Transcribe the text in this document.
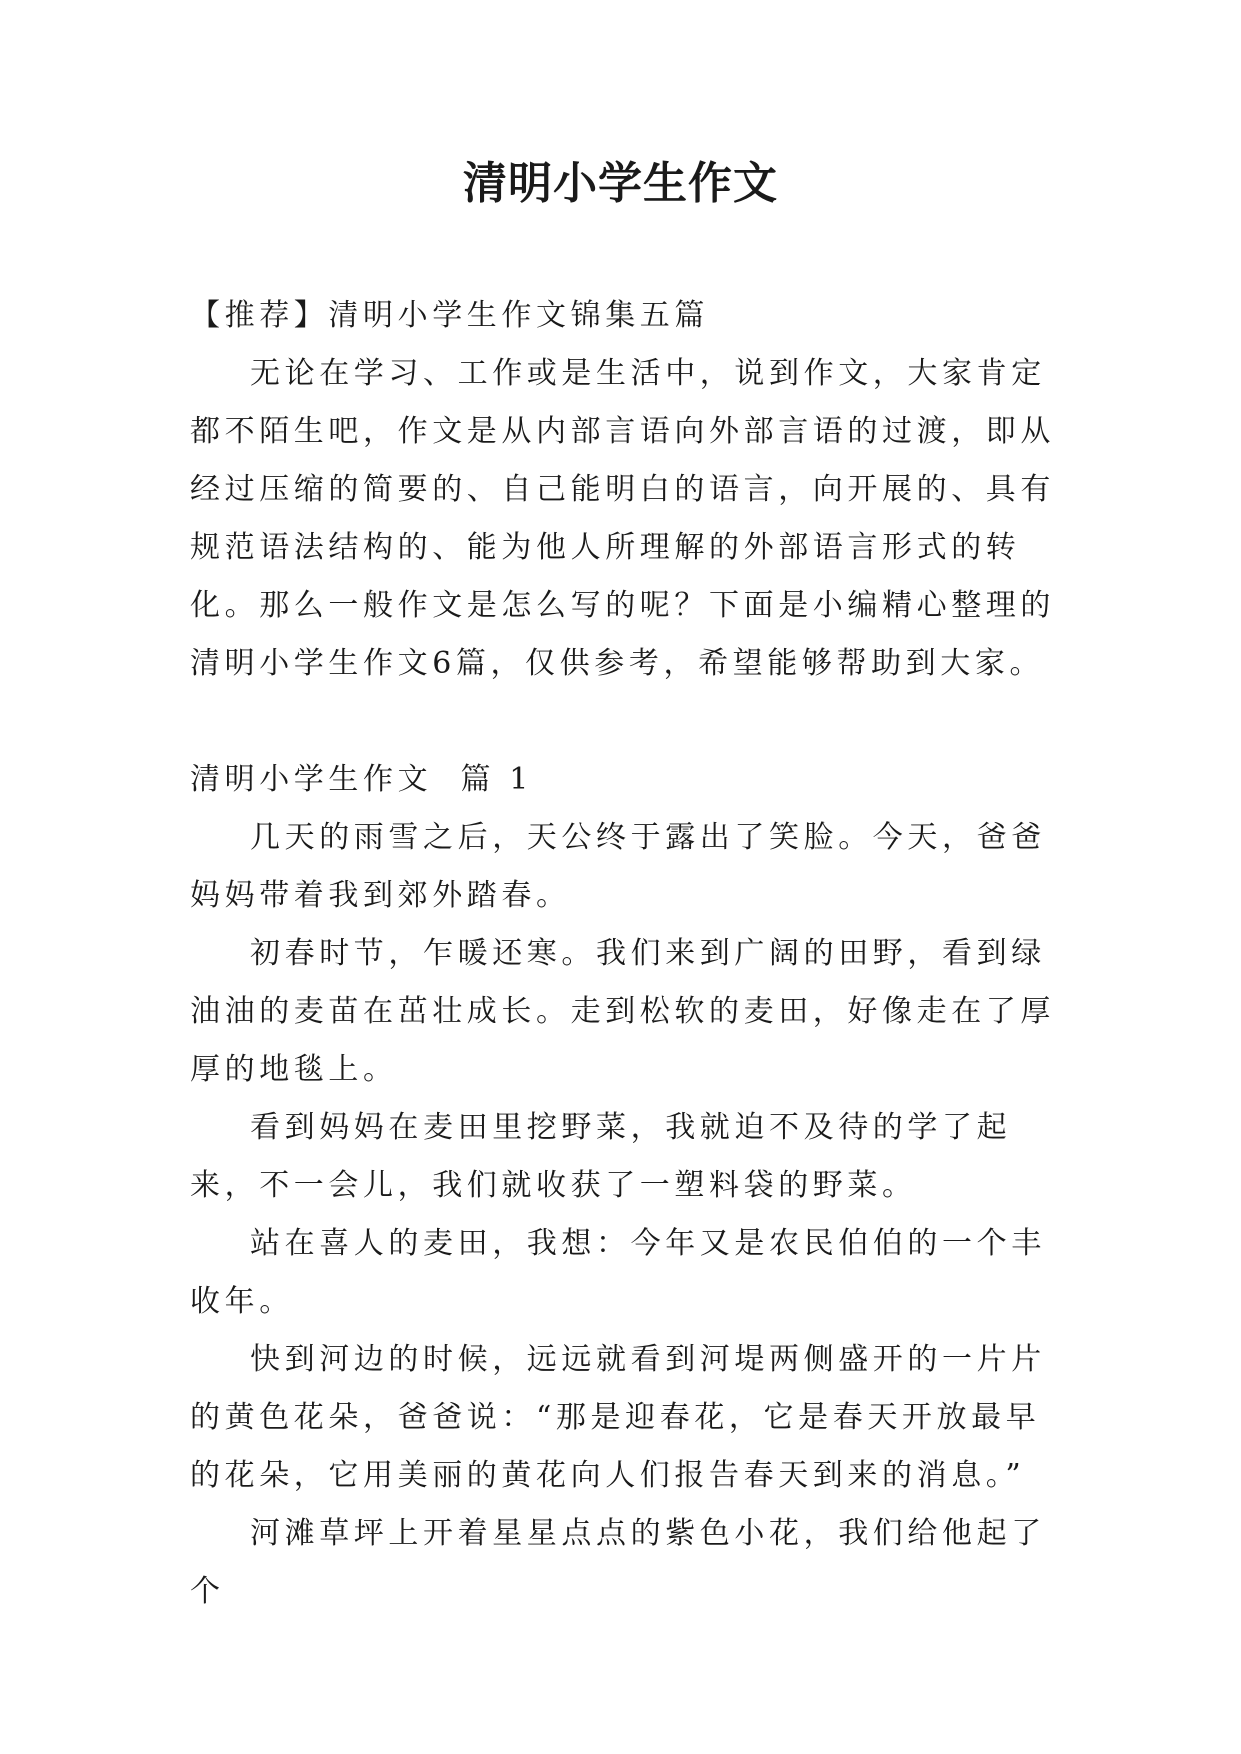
清明小学生作文

【推荐】清明小学生作文锦集五篇

无论在学习、工作或是生活中，说到作文，大家肯定都不陌生吧，作文是从内部言语向外部言语的过渡，即从经过压缩的简要的、自己能明白的语言，向开展的、具有规范语法结构的、能为他人所理解的外部语言形式的转化。那么一般作文是怎么写的呢？下面是小编精心整理的清明小学生作文6篇，仅供参考，希望能够帮助到大家。

清明小学生作文  篇 1

几天的雨雪之后，天公终于露出了笑脸。今天，爸爸妈妈带着我到郊外踏春。

初春时节，乍暖还寒。我们来到广阔的田野，看到绿油油的麦苗在茁壮成长。走到松软的麦田，好像走在了厚厚的地毯上。

看到妈妈在麦田里挖野菜，我就迫不及待的学了起来，不一会儿，我们就收获了一塑料袋的野菜。

站在喜人的麦田，我想：今年又是农民伯伯的一个丰收年。

快到河边的时候，远远就看到河堤两侧盛开的一片片的黄色花朵，爸爸说：“那是迎春花，它是春天开放最早的花朵，它用美丽的黄花向人们报告春天到来的消息。”

河滩草坪上开着星星点点的紫色小花，我们给他起了个
